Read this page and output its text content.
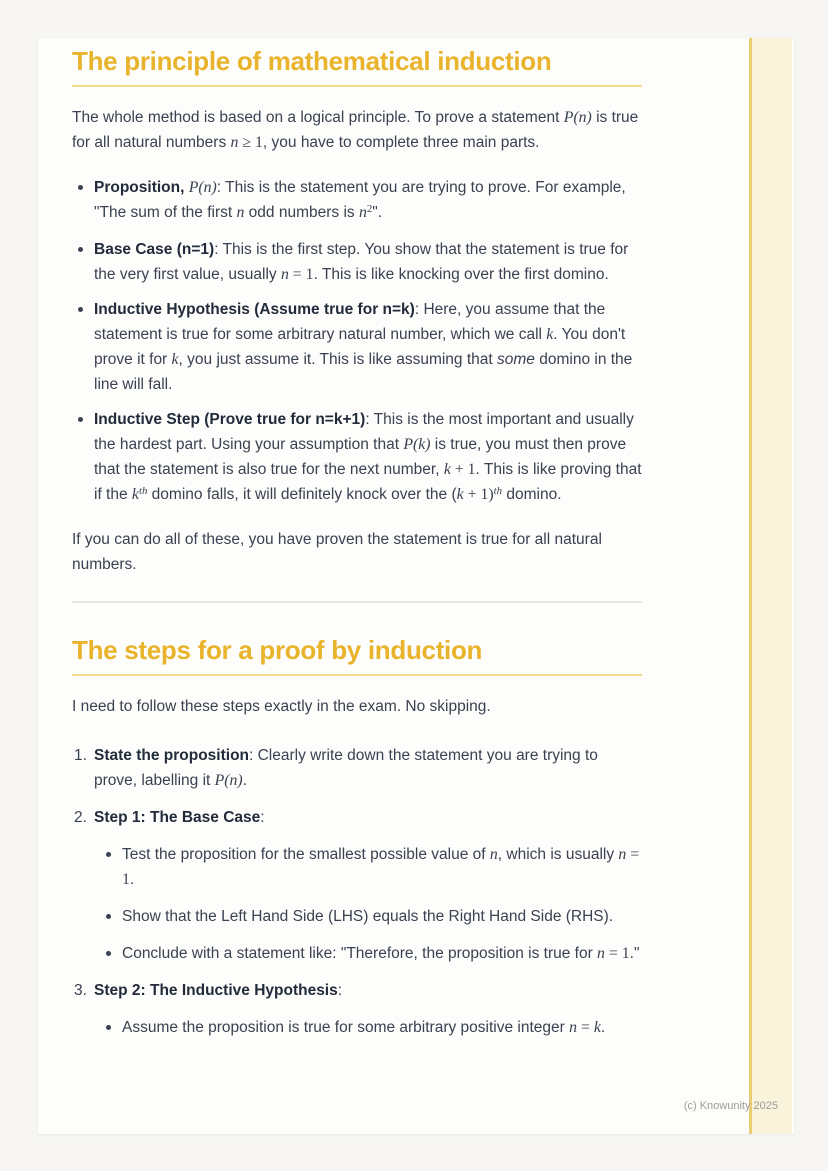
The principle of mathematical induction

The whole method is based on a logical principle. To prove a statement P(n) is true for all natural numbers n ≥ 1, you have to complete three main parts.

Proposition, P(n): This is the statement you are trying to prove. For example, "The sum of the first n odd numbers is $n^2$".
Base Case (n=1): This is the first step. You show that the statement is true for the very first value, usually n = 1. This is like knocking over the first domino.
Inductive Hypothesis (Assume true for n=k): Here, you assume that the statement is true for some arbitrary natural number, which we call k. You don't prove it for k, you just assume it. This is like assuming that some domino in the line will fall.
Inductive Step (Prove true for n=k+1): This is the most important and usually the hardest part. Using your assumption that P(k) is true, you must then prove that the statement is also true for the next number, k + 1. This is like proving that if the $k^{th}$ domino falls, it will definitely knock over the $(k + 1)^{th}$ domino.

If you can do all of these, you have proven the statement is true for all natural numbers.

The steps for a proof by induction

I need to follow these steps exactly in the exam. No skipping.

1. State the proposition: Clearly write down the statement you are trying to prove, labelling it P(n).
2. Step 1: The Base Case:
Test the proposition for the smallest possible value of n, which is usually n = 1.
Show that the Left Hand Side (LHS) equals the Right Hand Side (RHS).
Conclude with a statement like: "Therefore, the proposition is true for n = 1."
3. Step 2: The Inductive Hypothesis:
Assume the proposition is true for some arbitrary positive integer n = k.
(c) Knowunity 2025
